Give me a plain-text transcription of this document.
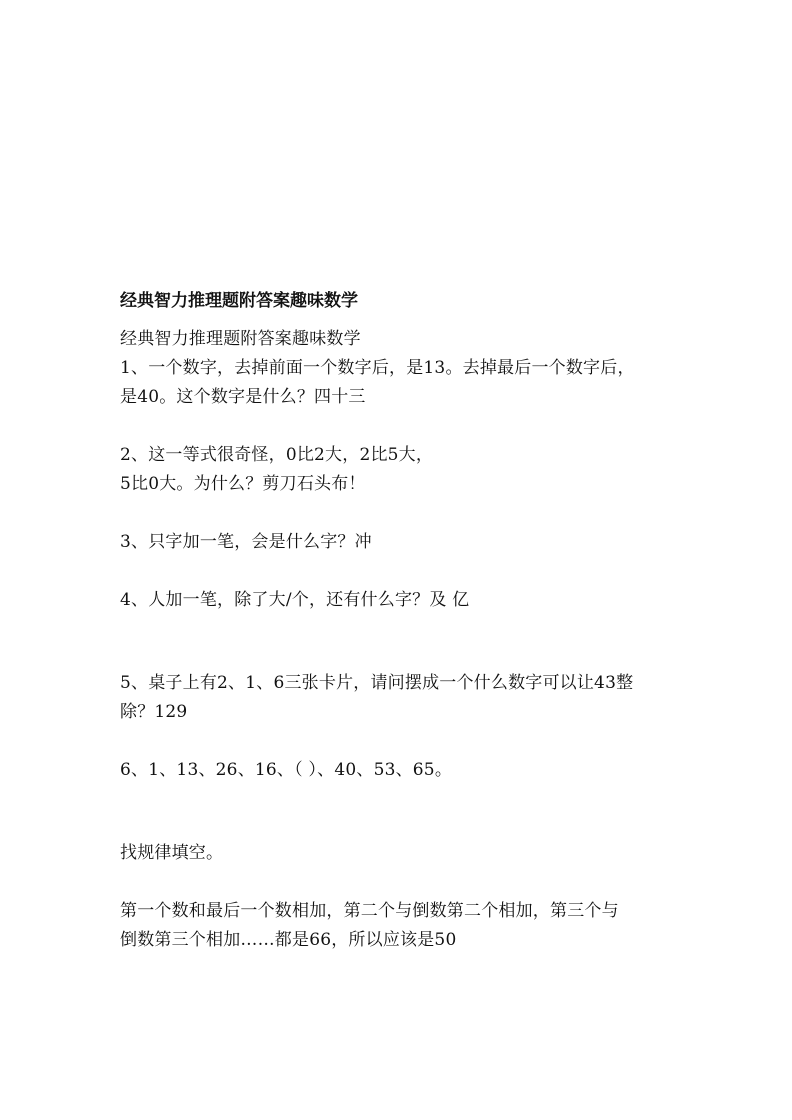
经典智力推理题附答案趣味数学
经典智力推理题附答案趣味数学
1、一个数字，去掉前面一个数字后，是13。去掉最后一个数字后，
是40。这个数字是什么？四十三
2、这一等式很奇怪，0比2大，2比5大，
5比0大。为什么？剪刀石头布！
3、只字加一笔，会是什么字？冲
4、人加一笔，除了大/个，还有什么字？及 亿
5、桌子上有2、1、6三张卡片，请问摆成一个什么数字可以让43整
除？129
6、1、13、26、16、（ ）、40、53、65。
找规律填空。
第一个数和最后一个数相加，第二个与倒数第二个相加，第三个与
倒数第三个相加……都是66，所以应该是50
